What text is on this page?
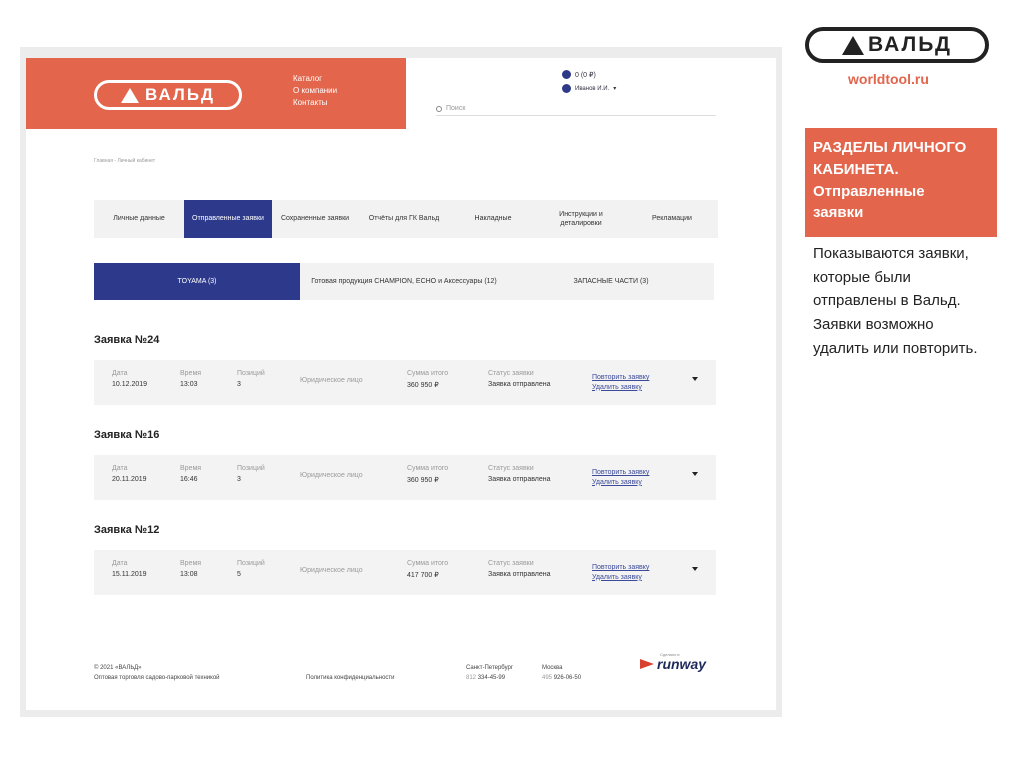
ВАЛЬД
Каталог
О компании
Контакты
0 (0 ₽)
Иванов И.И. ▾
Поиск
Главная - Личный кабинет
Личные данные	Отправленные заявки	Сохраненные заявки	Отчёты для ГК Вальд	Накладные
Инструкции и деталировки
Рекламации
TOYAMA (3)	Готовая продукция CHAMPION, ECHO и Аксессуары (12)	ЗАПАСНЫЕ ЧАСТИ (3)
Заявка №24
Дата
10.12.2019
Время
13:03
Позиций
3
Юридическое лицо
Сумма итого
360 950 ₽
Статус заявки
Заявка отправлена
Повторить заявку
Удалить заявку
Заявка №16
Дата
20.11.2019
Время
16:46
Позиций
3
Юридическое лицо
Сумма итого
360 950 ₽
Статус заявки
Заявка отправлена
Повторить заявку
Удалить заявку
Заявка №12
Дата
15.11.2019
Время
13:08
Позиций
5
Юридическое лицо
Сумма итого
417 700 ₽
Статус заявки
Заявка отправлена
Повторить заявку
Удалить заявку
© 2021 «ВАЛЬД»
Оптовая торговля садово-парковой техникой	Политика конфиденциальности
Санкт-Петербург
812 334-45-99
Москва
495 926-06-50
Сделано в
runway
ВАЛЬД
worldtool.ru
РАЗДЕЛЫ ЛИЧНОГО
КАБИНЕТА.
Отправленные
заявки
Показываются заявки, которые были отправлены в Вальд. Заявки возможно удалить или повторить.
